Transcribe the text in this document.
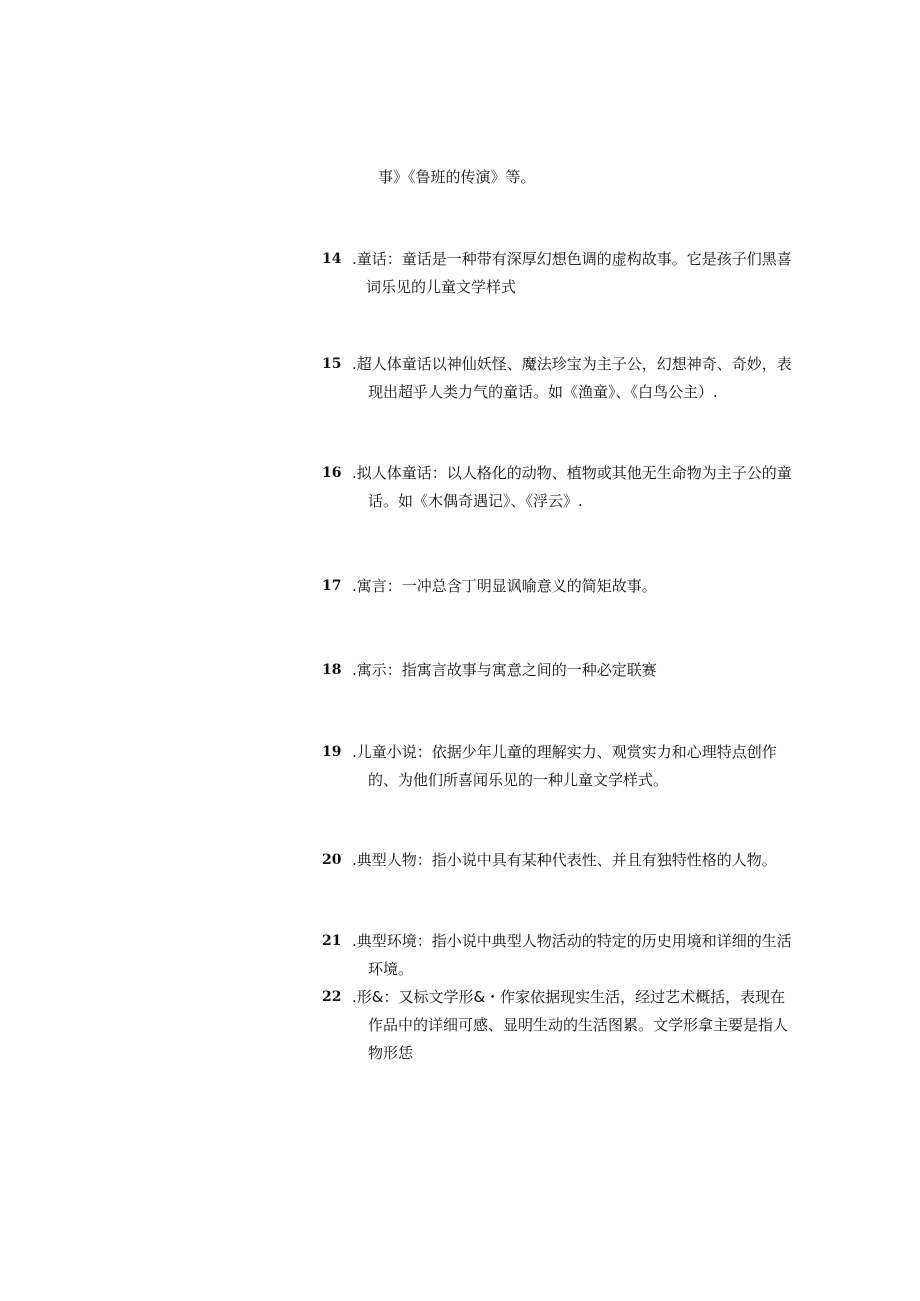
事》《鲁班的传演》等。
14 .童话：童话是一种带有深厚幻想色调的虚构故事。它是孩子们黑喜
词乐见的儿童文学样式
15 .超人体童话以神仙妖怪、魔法珍宝为主子公，幻想神奇、奇妙，表
现出超乎人类力气的童话。如《渔童》、《白鸟公主）.
16 .拟人体童话：以人格化的动物、植物或其他无生命物为主子公的童
话。如《木偶奇遇记》、《浮云》.
17 .寓言：一冲总含丁明显讽喻意义的简矩故事。
18 .寓示：指寓言故事与寓意之间的一种必定联赛
19 .儿童小说：依据少年儿童的理解实力、观赏实力和心理特点创作
的、为他们所喜闻乐见的一种儿童文学样式。
20 .典型人物：指小说中具有某种代表性、并且有独特性格的人物。
21 .典型环境：指小说中典型人物活动的特定的历史用境和详细的生活
环境。
22 .形&：又标文学形&・作家依据现实生活，经过艺术概括，表现在
作品中的详细可感、显明生动的生活图累。文学形拿主要是指人
物形恁
